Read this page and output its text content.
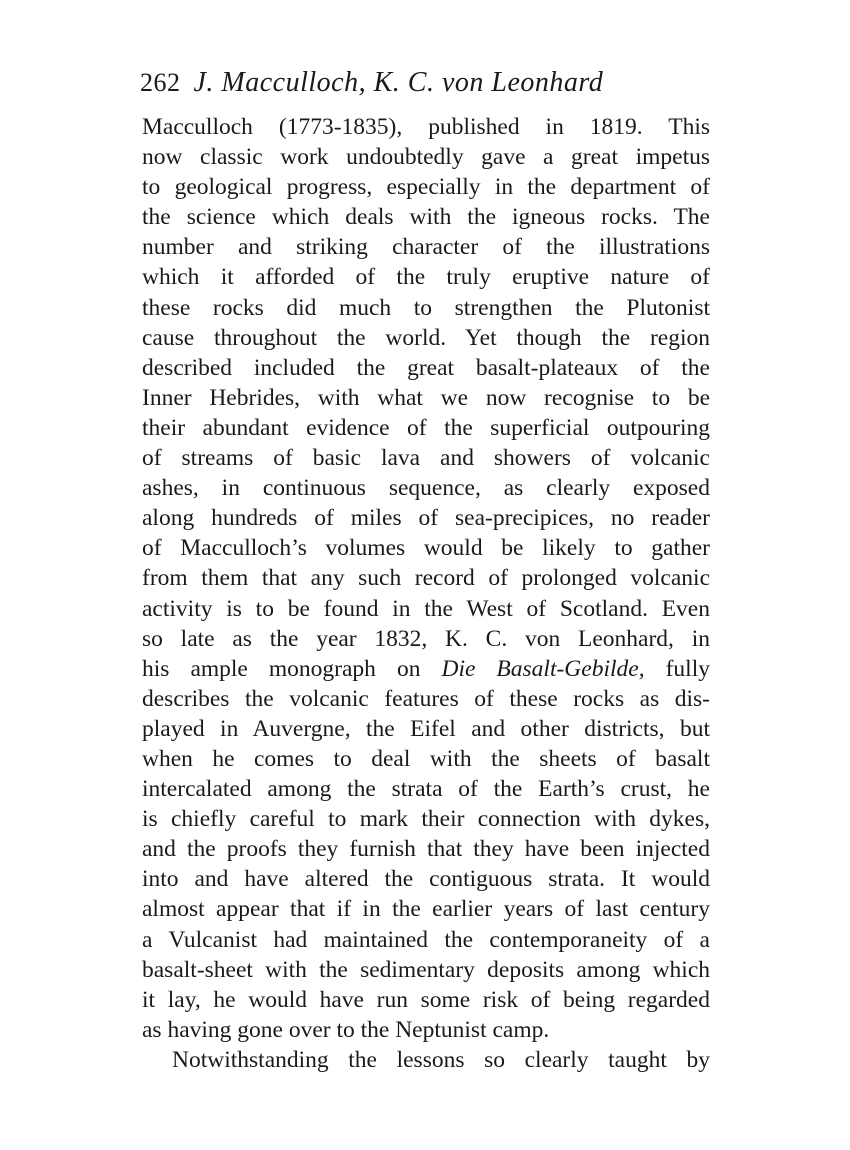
262 J. Macculloch, K. C. von Leonhard
Macculloch (1773-1835), published in 1819. This
now classic work undoubtedly gave a great impetus
to geological progress, especially in the department of
the science which deals with the igneous rocks. The
number and striking character of the illustrations
which it afforded of the truly eruptive nature of
these rocks did much to strengthen the Plutonist
cause throughout the world. Yet though the region
described included the great basalt-plateaux of the
Inner Hebrides, with what we now recognise to be
their abundant evidence of the superficial outpouring
of streams of basic lava and showers of volcanic
ashes, in continuous sequence, as clearly exposed
along hundreds of miles of sea-precipices, no reader
of Macculloch’s volumes would be likely to gather
from them that any such record of prolonged volcanic
activity is to be found in the West of Scotland. Even
so late as the year 1832, K. C. von Leonhard, in
his ample monograph on Die Basalt-Gebilde, fully
describes the volcanic features of these rocks as dis-
played in Auvergne, the Eifel and other districts, but
when he comes to deal with the sheets of basalt
intercalated among the strata of the Earth’s crust, he
is chiefly careful to mark their connection with dykes,
and the proofs they furnish that they have been injected
into and have altered the contiguous strata. It would
almost appear that if in the earlier years of last century
a Vulcanist had maintained the contemporaneity of a
basalt-sheet with the sedimentary deposits among which
it lay, he would have run some risk of being regarded
as having gone over to the Neptunist camp.
Notwithstanding the lessons so clearly taught by
